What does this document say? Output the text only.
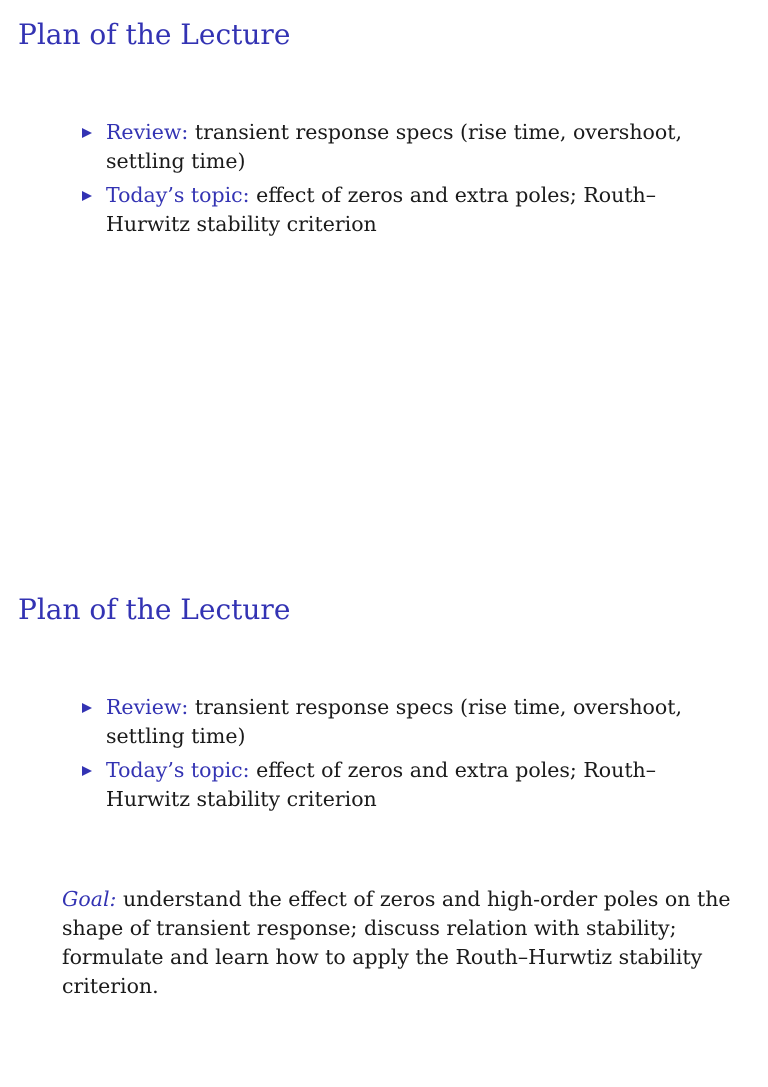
Plan of the Lecture
Review: transient response specs (rise time, overshoot, settling time)
Today’s topic: effect of zeros and extra poles; Routh–Hurwitz stability criterion
Plan of the Lecture
Review: transient response specs (rise time, overshoot, settling time)
Today’s topic: effect of zeros and extra poles; Routh–Hurwitz stability criterion
Goal: understand the effect of zeros and high-order poles on the shape of transient response; discuss relation with stability; formulate and learn how to apply the Routh–Hurwtiz stability criterion.
